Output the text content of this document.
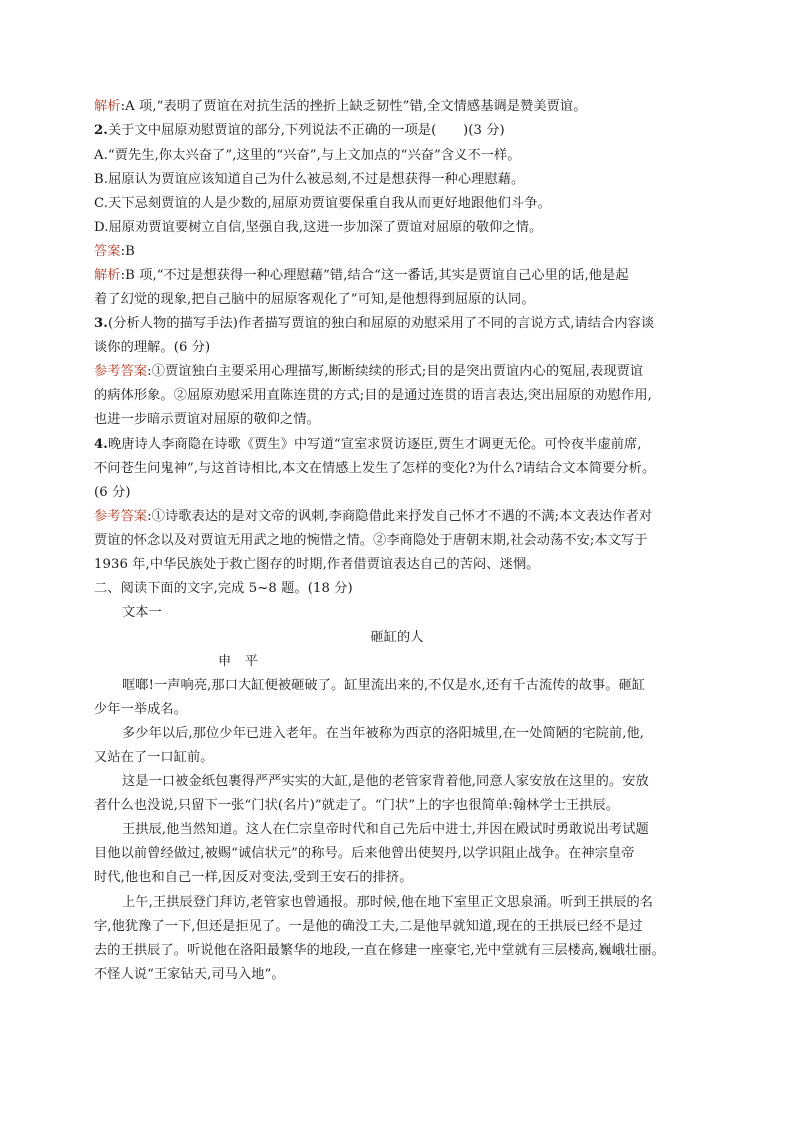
解析:A 项,“表明了贾谊在对抗生活的挫折上缺乏韧性”错,全文情感基调是赞美贾谊。
2.关于文中屈原劝慰贾谊的部分,下列说法不正确的一项是(　　)(3 分)
A.“贾先生,你太兴奋了”,这里的“兴奋”,与上文加点的“兴奋”含义不一样。
B.屈原认为贾谊应该知道自己为什么被忌刻,不过是想获得一种心理慰藉。
C.天下忌刻贾谊的人是少数的,屈原劝贾谊要保重自我从而更好地跟他们斗争。
D.屈原劝贾谊要树立自信,坚强自我,这进一步加深了贾谊对屈原的敬仰之情。
答案:B
解析:B 项,“不过是想获得一种心理慰藉”错,结合“这一番话,其实是贾谊自己心里的话,他是起
着了幻觉的现象,把自己脑中的屈原客观化了”可知,是他想得到屈原的认同。
3.(分析人物的描写手法)作者描写贾谊的独白和屈原的劝慰采用了不同的言说方式,请结合内容谈
谈你的理解。(6 分)
参考答案:①贾谊独白主要采用心理描写,断断续续的形式;目的是突出贾谊内心的冤屈,表现贾谊
的病体形象。②屈原劝慰采用直陈连贯的方式;目的是通过连贯的语言表达,突出屈原的劝慰作用,
也进一步暗示贾谊对屈原的敬仰之情。
4.晚唐诗人李商隐在诗歌《贾生》中写道“宣室求贤访逐臣,贾生才调更无伦。可怜夜半虚前席,
不问苍生问鬼神”,与这首诗相比,本文在情感上发生了怎样的变化?为什么?请结合文本简要分析。
(6 分)
参考答案:①诗歌表达的是对文帝的讽刺,李商隐借此来抒发自己怀才不遇的不满;本文表达作者对
贾谊的怀念以及对贾谊无用武之地的惋惜之情。②李商隐处于唐朝末期,社会动荡不安;本文写于
1936 年,中华民族处于救亡图存的时期,作者借贾谊表达自己的苦闷、迷惘。
二、阅读下面的文字,完成 5~8 题。(18 分)
文本一
砸缸的人
申　平
哐啷!一声响亮,那口大缸便被砸破了。缸里流出来的,不仅是水,还有千古流传的故事。砸缸
少年一举成名。
多少年以后,那位少年已进入老年。在当年被称为西京的洛阳城里,在一处简陋的宅院前,他,
又站在了一口缸前。
这是一口被金纸包裹得严严实实的大缸,是他的老管家背着他,同意人家安放在这里的。安放
者什么也没说,只留下一张“门状(名片)”就走了。“门状”上的字也很简单:翰林学士王拱辰。
王拱辰,他当然知道。这人在仁宗皇帝时代和自己先后中进士,并因在殿试时勇敢说出考试题
目他以前曾经做过,被赐“诚信状元”的称号。后来他曾出使契丹,以学识阻止战争。在神宗皇帝
时代,他也和自己一样,因反对变法,受到王安石的排挤。
上午,王拱辰登门拜访,老管家也曾通报。那时候,他在地下室里正文思泉涌。听到王拱辰的名
字,他犹豫了一下,但还是拒见了。一是他的确没工夫,二是他早就知道,现在的王拱辰已经不是过
去的王拱辰了。听说他在洛阳最繁华的地段,一直在修建一座豪宅,光中堂就有三层楼高,巍峨壮丽。
不怪人说“王家钻天,司马入地”。
